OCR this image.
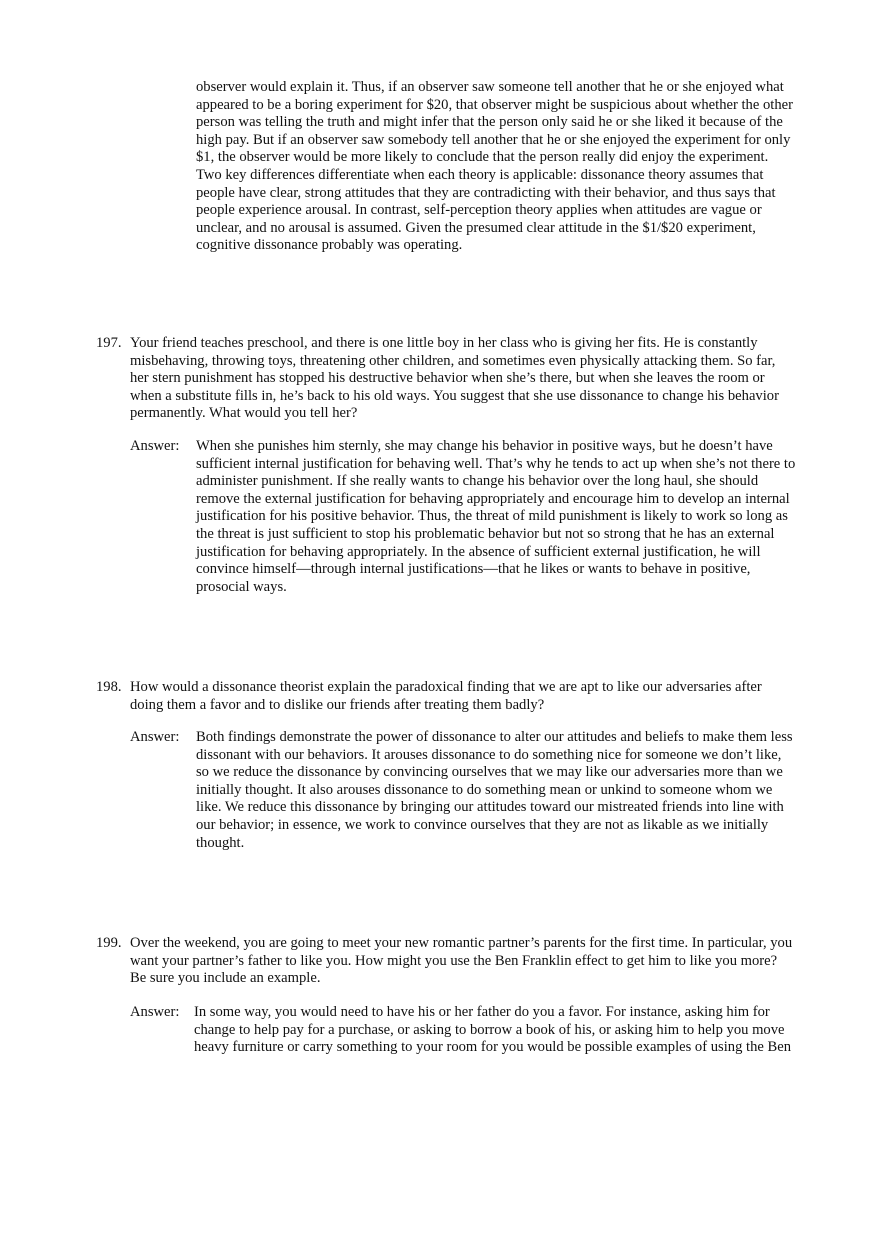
observer would explain it. Thus, if an observer saw someone tell another that he or she enjoyed what appeared to be a boring experiment for $20, that observer might be suspicious about whether the other person was telling the truth and might infer that the person only said he or she liked it because of the high pay. But if an observer saw somebody tell another that he or she enjoyed the experiment for only $1, the observer would be more likely to conclude that the person really did enjoy the experiment. Two key differences differentiate when each theory is applicable: dissonance theory assumes that people have clear, strong attitudes that they are contradicting with their behavior, and thus says that people experience arousal. In contrast, self-perception theory applies when attitudes are vague or unclear, and no arousal is assumed. Given the presumed clear attitude in the $1/$20 experiment, cognitive dissonance probably was operating.

197. Your friend teaches preschool, and there is one little boy in her class who is giving her fits. He is constantly misbehaving, throwing toys, threatening other children, and sometimes even physically attacking them. So far, her stern punishment has stopped his destructive behavior when she’s there, but when she leaves the room or when a substitute fills in, he’s back to his old ways. You suggest that she use dissonance to change his behavior permanently. What would you tell her?
Answer: When she punishes him sternly, she may change his behavior in positive ways, but he doesn’t have sufficient internal justification for behaving well. That’s why he tends to act up when she’s not there to administer punishment. If she really wants to change his behavior over the long haul, she should remove the external justification for behaving appropriately and encourage him to develop an internal justification for his positive behavior. Thus, the threat of mild punishment is likely to work so long as the threat is just sufficient to stop his problematic behavior but not so strong that he has an external justification for behaving appropriately. In the absence of sufficient external justification, he will convince himself—through internal justifications—that he likes or wants to behave in positive, prosocial ways.
198. How would a dissonance theorist explain the paradoxical finding that we are apt to like our adversaries after doing them a favor and to dislike our friends after treating them badly?
Answer: Both findings demonstrate the power of dissonance to alter our attitudes and beliefs to make them less dissonant with our behaviors. It arouses dissonance to do something nice for someone we don’t like, so we reduce the dissonance by convincing ourselves that we may like our adversaries more than we initially thought. It also arouses dissonance to do something mean or unkind to someone whom we like. We reduce this dissonance by bringing our attitudes toward our mistreated friends into line with our behavior; in essence, we work to convince ourselves that they are not as likable as we initially thought.
199. Over the weekend, you are going to meet your new romantic partner’s parents for the first time. In particular, you want your partner’s father to like you. How might you use the Ben Franklin effect to get him to like you more? Be sure you include an example.
Answer: In some way, you would need to have his or her father do you a favor. For instance, asking him for change to help pay for a purchase, or asking to borrow a book of his, or asking him to help you move heavy furniture or carry something to your room for you would be possible examples of using the Ben
